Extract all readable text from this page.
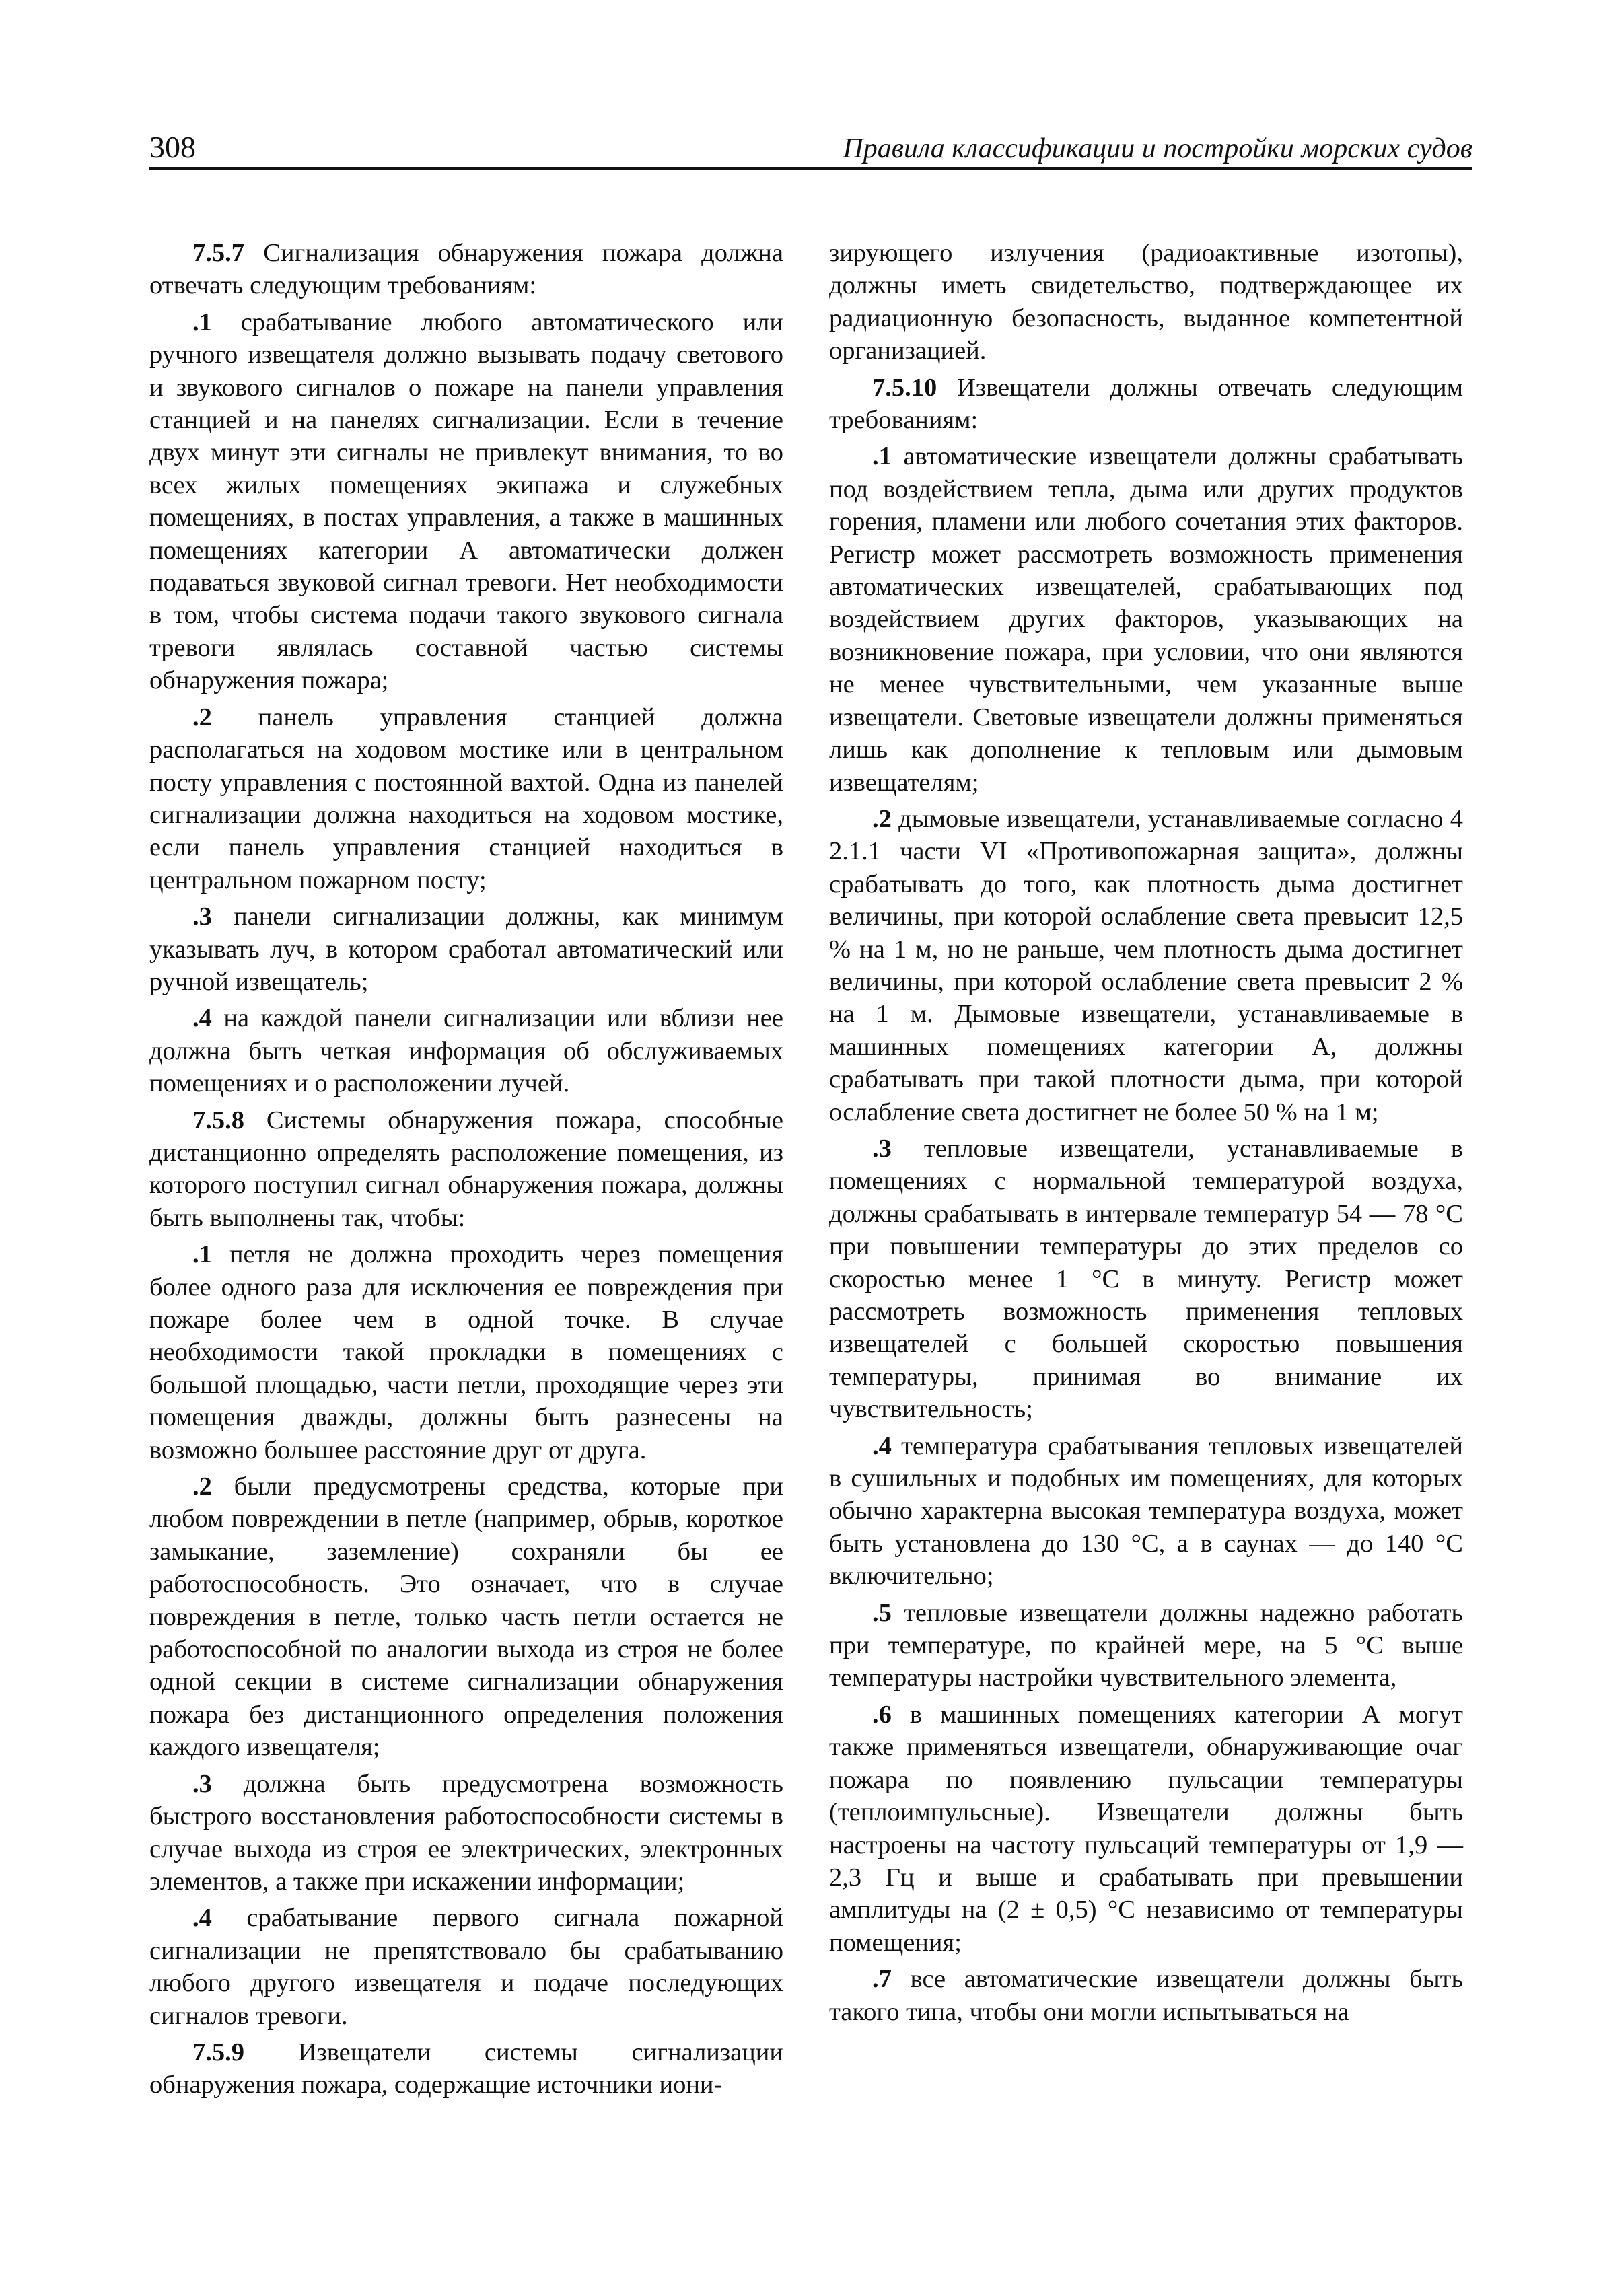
308	Правила классификации и постройки морских судов

7.5.7 Сигнализация обнаружения пожара должна отвечать следующим требованиям:

.1 срабатывание любого автоматического или ручного извещателя должно вызывать подачу светового и звукового сигналов о пожаре на панели управления станцией и на панелях сигнализации. Если в течение двух минут эти сигналы не привлекут внимания, то во всех жилых помещениях экипажа и служебных помещениях, в постах управления, а также в машинных помещениях категории А автоматически должен подаваться звуковой сигнал тревоги. Нет необходимости в том, чтобы система подачи такого звукового сигнала тревоги являлась составной частью системы обнаружения пожара;

.2 панель управления станцией должна располагаться на ходовом мостике или в центральном посту управления с постоянной вахтой. Одна из панелей сигнализации должна находиться на ходовом мостике, если панель управления станцией находиться в центральном пожарном посту;

.3 панели сигнализации должны, как минимум указывать луч, в котором сработал автоматический или ручной извещатель;

.4 на каждой панели сигнализации или вблизи нее должна быть четкая информация об обслуживаемых помещениях и о расположении лучей.

7.5.8 Системы обнаружения пожара, способные дистанционно определять расположение помещения, из которого поступил сигнал обнаружения пожара, должны быть выполнены так, чтобы:

.1 петля не должна проходить через помещения более одного раза для исключения ее повреждения при пожаре более чем в одной точке. В случае необходимости такой прокладки в помещениях с большой площадью, части петли, проходящие через эти помещения дважды, должны быть разнесены на возможно большее расстояние друг от друга.

.2 были предусмотрены средства, которые при любом повреждении в петле (например, обрыв, короткое замыкание, заземление) сохраняли бы ее работоспособность. Это означает, что в случае повреждения в петле, только часть петли остается не работоспособной по аналогии выхода из строя не более одной секции в системе сигнализации обнаружения пожара без дистанционного определения положения каждого извещателя;

.3 должна быть предусмотрена возможность быстрого восстановления работоспособности системы в случае выхода из строя ее электрических, электронных элементов, а также при искажении информации;

.4 срабатывание первого сигнала пожарной сигнализации не препятствовало бы срабатыванию любого другого извещателя и подаче последующих сигналов тревоги.

7.5.9 Извещатели системы сигнализации обнаружения пожара, содержащие источники иони-

зирующего излучения (радиоактивные изотопы), должны иметь свидетельство, подтверждающее их радиационную безопасность, выданное компетентной организацией.

7.5.10 Извещатели должны отвечать следующим требованиям:

.1 автоматические извещатели должны срабатывать под воздействием тепла, дыма или других продуктов горения, пламени или любого сочетания этих факторов. Регистр может рассмотреть возможность применения автоматических извещателей, срабатывающих под воздействием других факторов, указывающих на возникновение пожара, при условии, что они являются не менее чувствительными, чем указанные выше извещатели. Световые извещатели должны применяться лишь как дополнение к тепловым или дымовым извещателям;

.2 дымовые извещатели, устанавливаемые согласно 4 2.1.1 части VI «Противопожарная защита», должны срабатывать до того, как плотность дыма достигнет величины, при которой ослабление света превысит 12,5 % на 1 м, но не раньше, чем плотность дыма достигнет величины, при которой ослабление света превысит 2 % на 1 м. Дымовые извещатели, устанавливаемые в машинных помещениях категории А, должны срабатывать при такой плотности дыма, при которой ослабление света достигнет не более 50 % на 1 м;

.3 тепловые извещатели, устанавливаемые в помещениях с нормальной температурой воздуха, должны срабатывать в интервале температур 54 — 78 °С при повышении температуры до этих пределов со скоростью менее 1 °С в минуту. Регистр может рассмотреть возможность применения тепловых извещателей с большей скоростью повышения температуры, принимая во внимание их чувствительность;

.4 температура срабатывания тепловых извещателей в сушильных и подобных им помещениях, для которых обычно характерна высокая температура воздуха, может быть установлена до 130 °С, а в саунах — до 140 °С включительно;

.5 тепловые извещатели должны надежно работать при температуре, по крайней мере, на 5 °С выше температуры настройки чувствительного элемента,

.6 в машинных помещениях категории А могут также применяться извещатели, обнаруживающие очаг пожара по появлению пульсации температуры (теплоимпульсные). Извещатели должны быть настроены на частоту пульсаций температуры от 1,9 — 2,3 Гц и выше и срабатывать при превышении амплитуды на (2 ± 0,5) °С независимо от температуры помещения;

.7 все автоматические извещатели должны быть такого типа, чтобы они могли испытываться на
